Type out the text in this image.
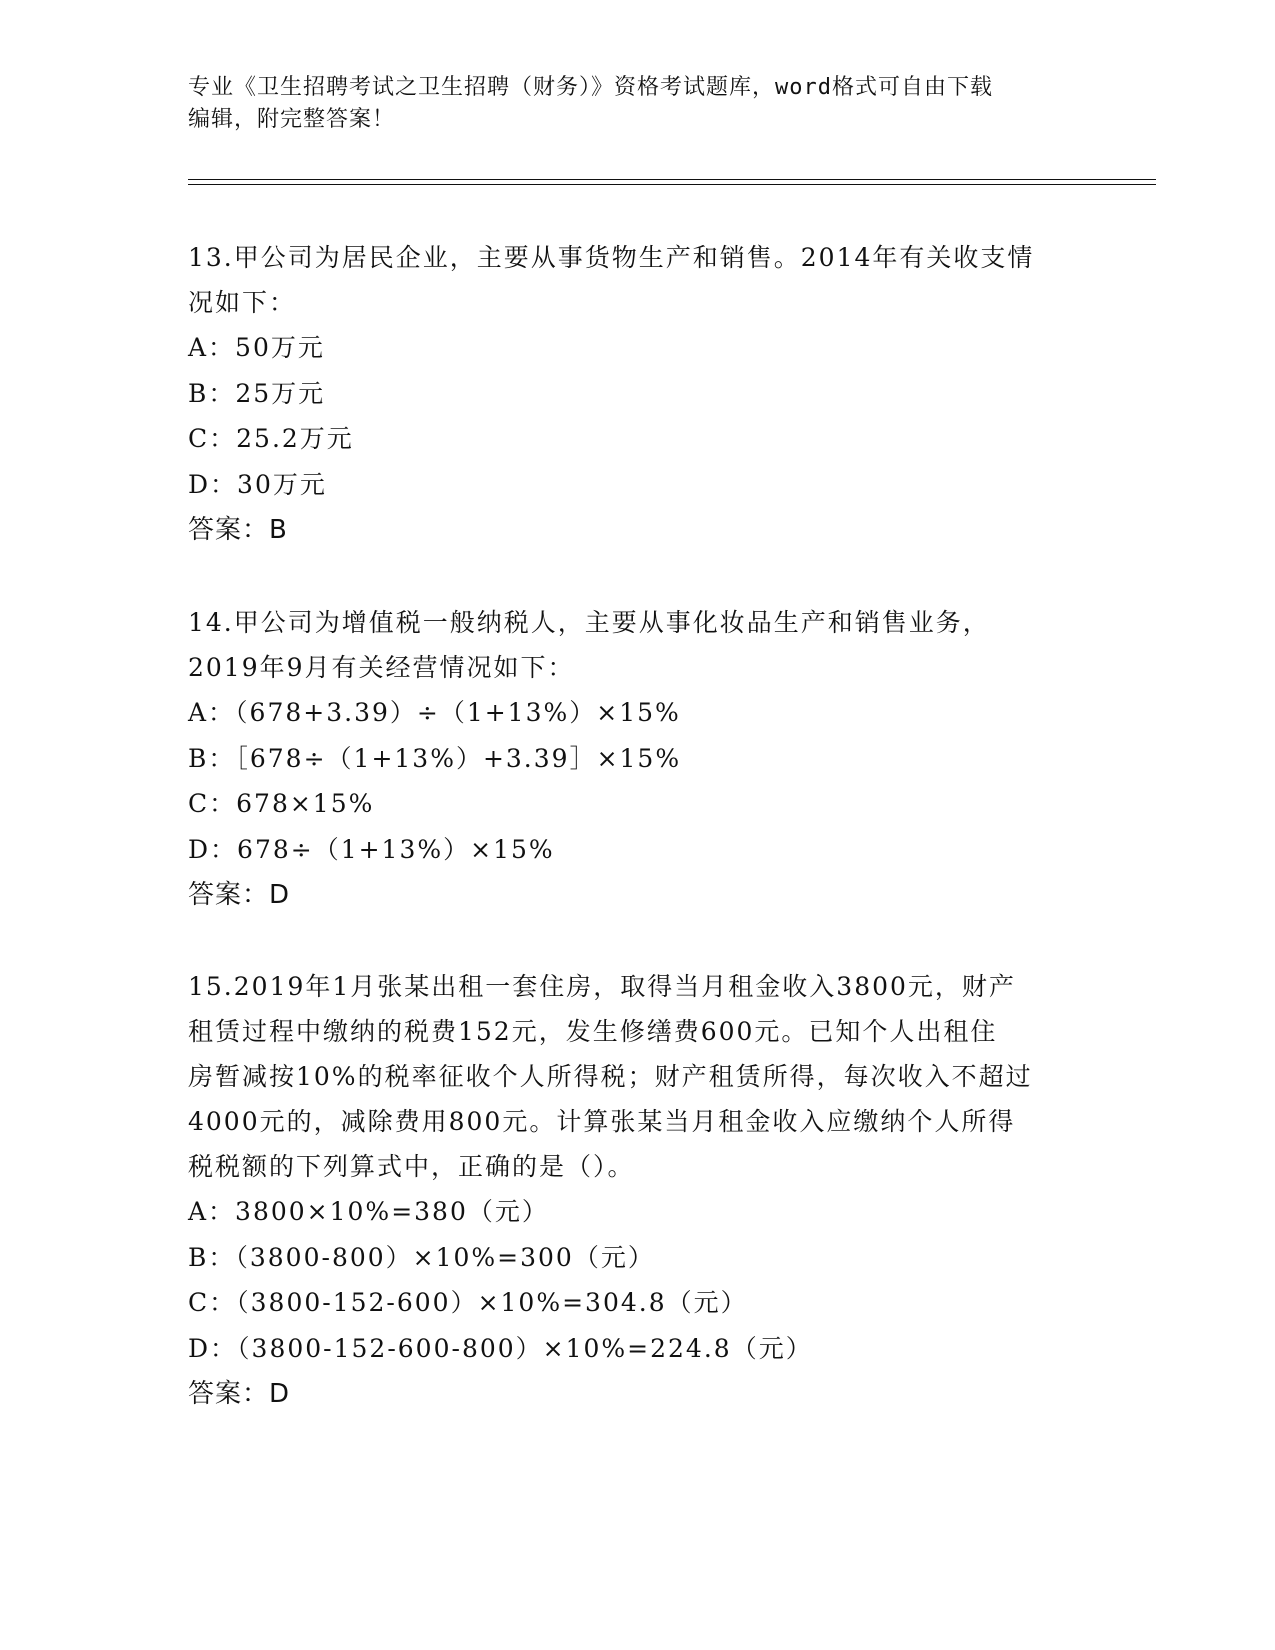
专业《卫生招聘考试之卫生招聘（财务）》资格考试题库，word格式可自由下载
编辑，附完整答案！

13.甲公司为居民企业，主要从事货物生产和销售。2014年有关收支情

况如下：

A：50万元

B：25万元

C：25.2万元

D：30万元

答案：B

14.甲公司为增值税一般纳税人，主要从事化妆品生产和销售业务，

2019年9月有关经营情况如下：

A：（678+3.39）÷（1+13%）×15%

B：［678÷（1+13%）+3.39］×15%

C：678×15%

D：678÷（1+13%）×15%

答案：D

15.2019年1月张某出租一套住房，取得当月租金收入3800元，财产

租赁过程中缴纳的税费152元，发生修缮费600元。已知个人出租住

房暂减按10%的税率征收个人所得税；财产租赁所得，每次收入不超过

4000元的，减除费用800元。计算张某当月租金收入应缴纳个人所得

税税额的下列算式中，正确的是（）。

A：3800×10%=380（元）

B：（3800-800）×10%=300（元）

C：（3800-152-600）×10%=304.8（元）

D：（3800-152-600-800）×10%=224.8（元）

答案：D
